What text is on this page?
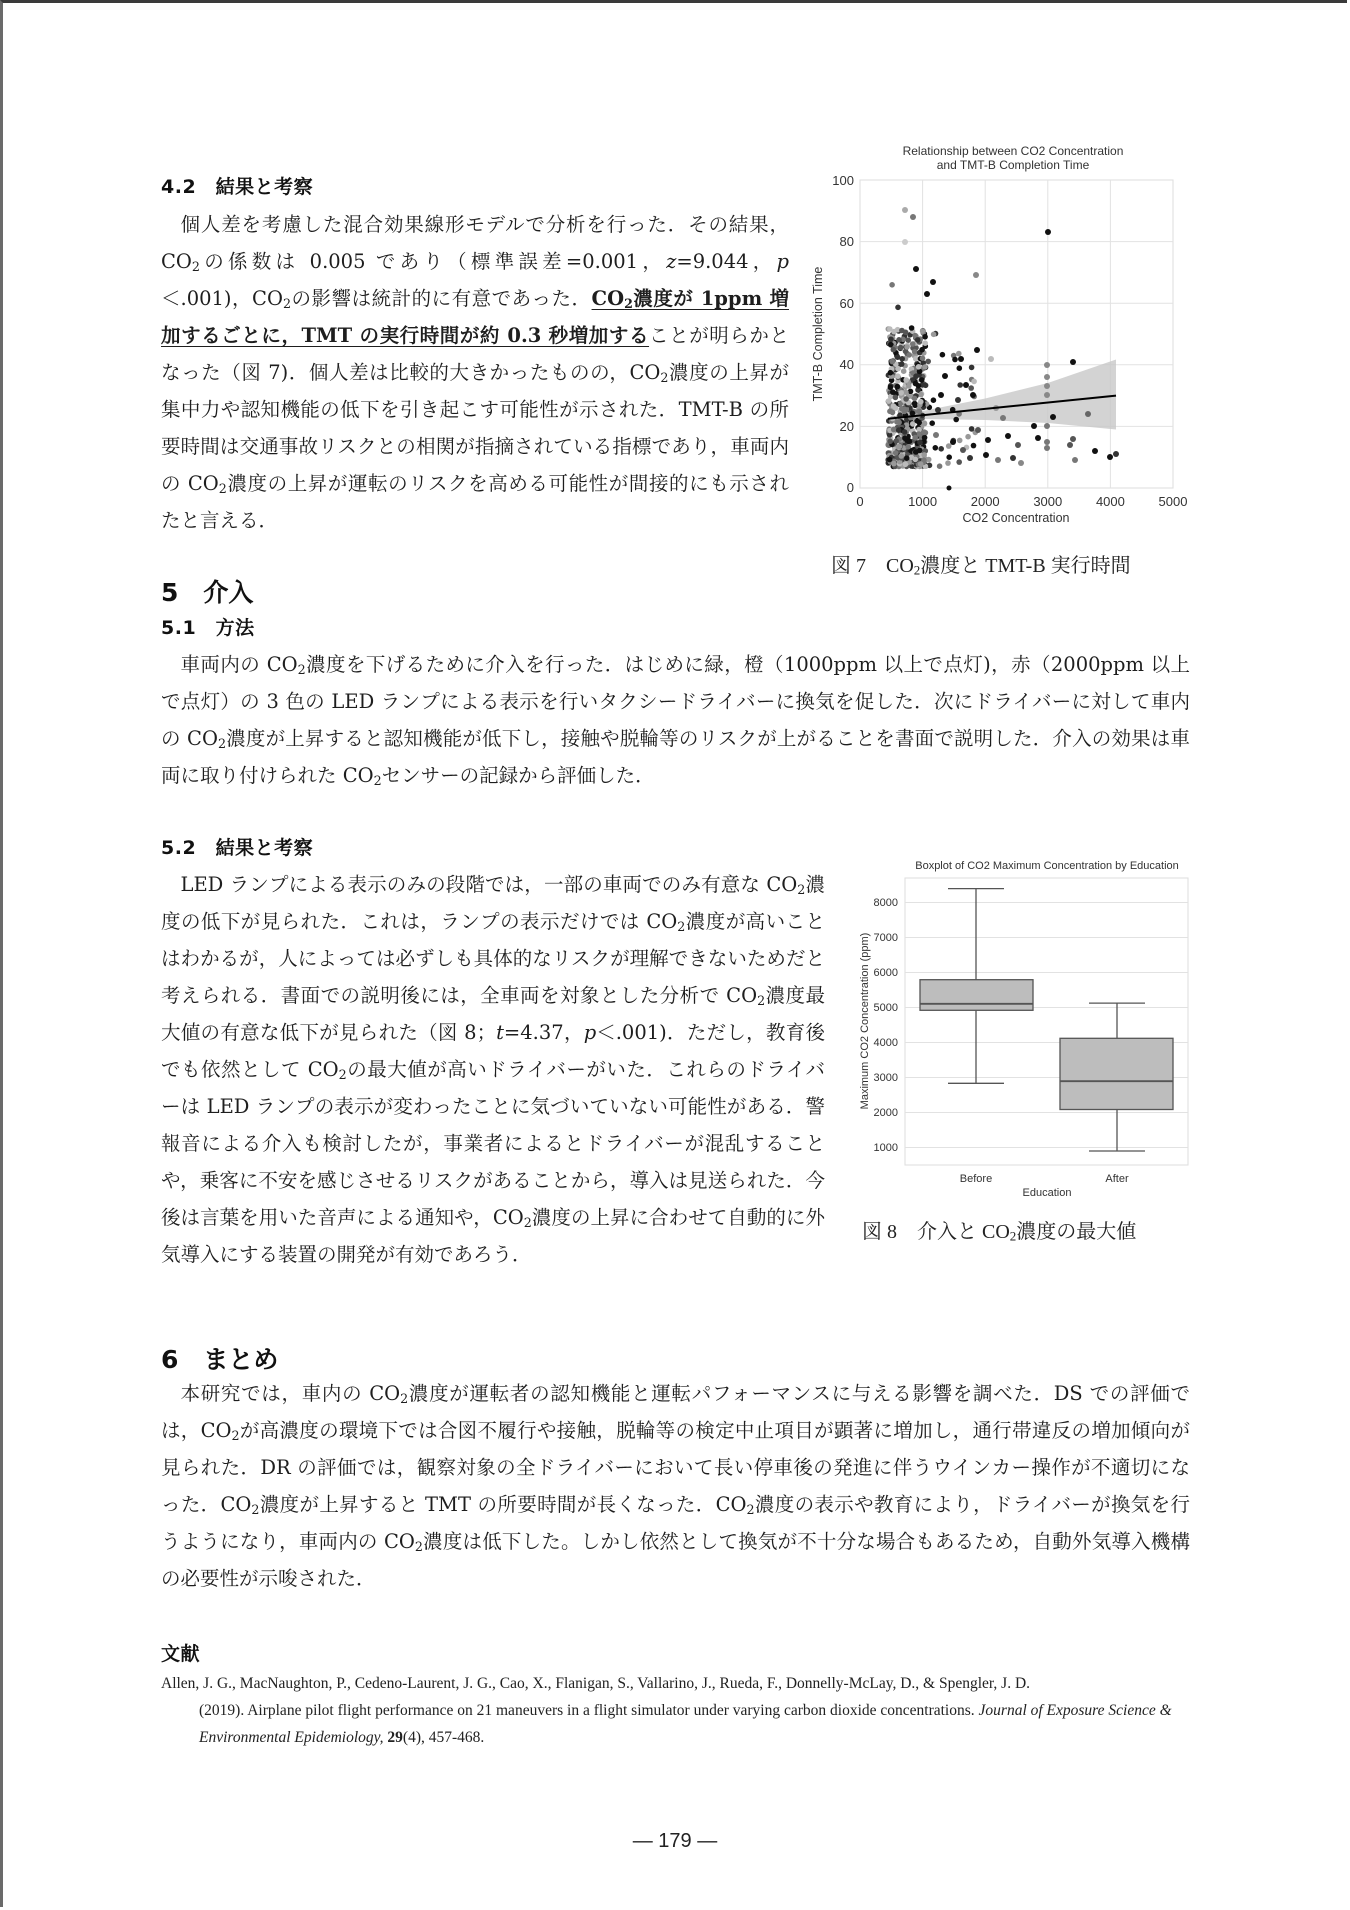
4.2　結果と考察
個人差を考慮した混合効果線形モデルで分析を行った．その結果，$CO_2$の係数は 0.005 であり（標準誤差=0.001，z=9.044，p＜.001)，$CO_2$の影響は統計的に有意であった．$CO_2$濃度が 1ppm 増加するごとに，TMT の実行時間が約 0.3 秒増加することが明らかとなった（図 7)．個人差は比較的大きかったものの，$CO_2$濃度の上昇が集中力や認知機能の低下を引き起こす可能性が示された．TMT-B の所要時間は交通事故リスクとの相関が指摘されている指標であり，車両内の $CO_2$濃度の上昇が運転のリスクを高める可能性が間接的にも示されたと言える．
Relationship between CO2 Concentration
and TMT-B Completion Time
0
20
40
60
80
100
0	1000	2000	3000	4000	5000
CO2 Concentration
TMT-B Completion Time
図 7　$CO_2$濃度と TMT-B 実行時間
5　介入
5.1　方法
車両内の $CO_2$濃度を下げるために介入を行った．はじめに緑，橙（1000ppm 以上で点灯)，赤（2000ppm 以上で点灯）の 3 色の LED ランプによる表示を行いタクシードライバーに換気を促した．次にドライバーに対して車内の $CO_2$濃度が上昇すると認知機能が低下し，接触や脱輪等のリスクが上がることを書面で説明した．介入の効果は車両に取り付けられた $CO_2$センサーの記録から評価した．
5.2　結果と考察
LED ランプによる表示のみの段階では，一部の車両でのみ有意な $CO_2$濃度の低下が見られた．これは，ランプの表示だけでは $CO_2$濃度が高いことはわかるが，人によっては必ずしも具体的なリスクが理解できないためだと考えられる．書面での説明後には，全車両を対象とした分析で $CO_2$濃度最大値の有意な低下が見られた（図 8；t=4.37，p＜.001)．ただし，教育後でも依然として $CO_2$の最大値が高いドライバーがいた．これらのドライバーは LED ランプの表示が変わったことに気づいていない可能性がある．警報音による介入も検討したが，事業者によるとドライバーが混乱することや，乗客に不安を感じさせるリスクがあることから，導入は見送られた．今後は言葉を用いた音声による通知や，$CO_2$濃度の上昇に合わせて自動的に外気導入にする装置の開発が有効であろう．
Boxplot of CO2 Maximum Concentration by Education
1000
2000
3000
4000
5000
6000
7000
8000
Maximum CO2 Concentration (ppm)
Before	After
Education
図 8　介入と $CO_2$濃度の最大値
6　まとめ
本研究では，車内の $CO_2$濃度が運転者の認知機能と運転パフォーマンスに与える影響を調べた．DS での評価では，$CO_2$が高濃度の環境下では合図不履行や接触，脱輪等の検定中止項目が顕著に増加し，通行帯違反の増加傾向が見られた．DR の評価では，観察対象の全ドライバーにおいて長い停車後の発進に伴うウインカー操作が不適切になった．$CO_2$濃度が上昇すると TMT の所要時間が長くなった．$CO_2$濃度の表示や教育により，ドライバーが換気を行うようになり，車両内の $CO_2$濃度は低下した。しかし依然として換気が不十分な場合もあるため，自動外気導入機構の必要性が示唆された．
文献
Allen, J. G., MacNaughton, P., Cedeno-Laurent, J. G., Cao, X., Flanigan, S., Vallarino, J., Rueda, F., Donnelly-McLay, D., & Spengler, J. D.
(2019). Airplane pilot flight performance on 21 maneuvers in a flight simulator under varying carbon dioxide concentrations. Journal of Exposure Science & Environmental Epidemiology, 29(4), 457-468.
— 179 —
